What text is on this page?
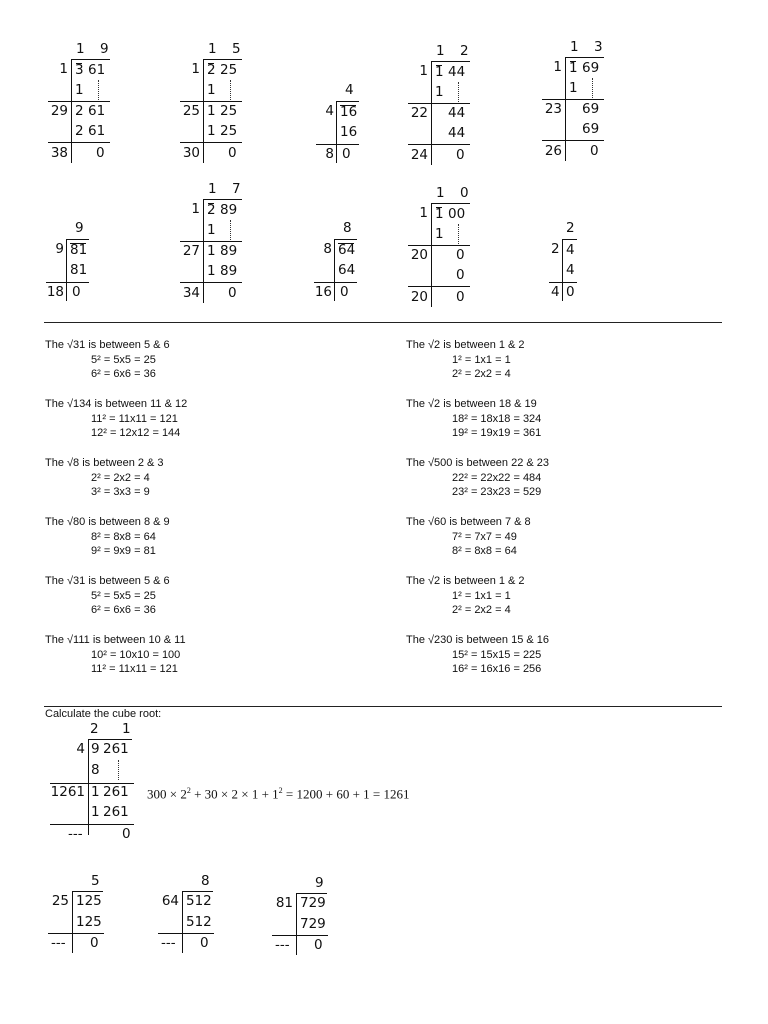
1 9
1 3 61
1
29 2 61
2 61
38 0
1 5
1 2 25
1
25 1 25
1 25
30 0
4
4 16
16
8 0
1 2
1 1 44
1
22 44
44
24 0
1 3
1 1 69
1
23 69
69
26 0
9
9 81
81
18 0
1 7
1 2 89
1
27 1 89
1 89
34 0
8
8 64
64
16 0
1 0
1 1 00
1
20 0
0
20 0
2
2 4
4
4 0
The √31 is between 5 & 6
5² = 5x5 = 25
6² = 6x6 = 36
The √134 is between 11 & 12
11² = 11x11 = 121
12² = 12x12 = 144
The √8 is between 2 & 3
2² = 2x2 = 4
3² = 3x3 = 9
The √80 is between 8 & 9
8² = 8x8 = 64
9² = 9x9 = 81
The √31 is between 5 & 6
5² = 5x5 = 25
6² = 6x6 = 36
The √111 is between 10 & 11
10² = 10x10 = 100
11² = 11x11 = 121
The √2 is between 1 & 2
1² = 1x1 = 1
2² = 2x2 = 4
The √2 is between 18 & 19
18² = 18x18 = 324
19² = 19x19 = 361
The √500 is between 22 & 23
22² = 22x22 = 484
23² = 23x23 = 529
The √60 is between 7 & 8
7² = 7x7 = 49
8² = 8x8 = 64
The √2 is between 1 & 2
1² = 1x1 = 1
2² = 2x2 = 4
The √230 is between 15 & 16
15² = 15x15 = 225
16² = 16x16 = 256
Calculate the cube root:
2 1
4 9 261
8
1261 1 261
1 261
---	0
$300 \times 2^2 + 30 \times 2 \times 1 + 1^2 = 1200 + 60 + 1 = 1261$
5
25 125
125
--- 0
8
64 512
512
--- 0
9
81 729
729
--- 0
